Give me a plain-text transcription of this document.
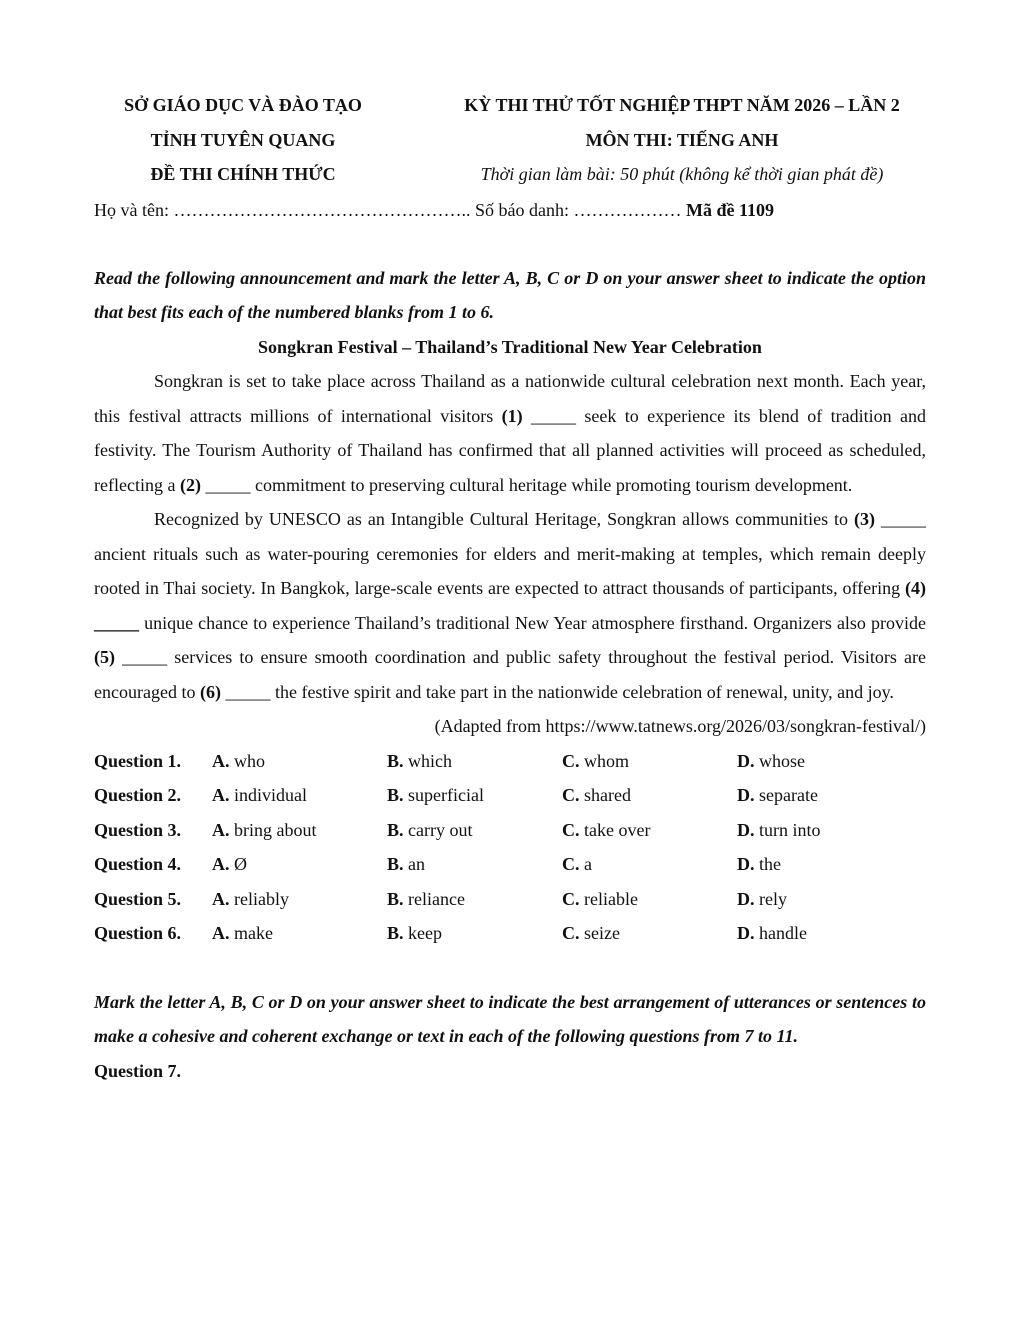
SỞ GIÁO DỤC VÀ ĐÀO TẠO
TỈNH TUYÊN QUANG
ĐỀ THI CHÍNH THỨC
KỲ THI THỬ TỐT NGHIỆP THPT NĂM 2026 – LẦN 2
MÔN THI: TIẾNG ANH
Thời gian làm bài: 50 phút (không kể thời gian phát đề)
Họ và tên: ………………………………………….. Số báo danh: ……………… Mã đề 1109
Read the following announcement and mark the letter A, B, C or D on your answer sheet to indicate the option that best fits each of the numbered blanks from 1 to 6.
Songkran Festival – Thailand’s Traditional New Year Celebration

Songkran is set to take place across Thailand as a nationwide cultural celebration next month. Each year, this festival attracts millions of international visitors (1) _____ seek to experience its blend of tradition and festivity. The Tourism Authority of Thailand has confirmed that all planned activities will proceed as scheduled, reflecting a (2) _____ commitment to preserving cultural heritage while promoting tourism development.

Recognized by UNESCO as an Intangible Cultural Heritage, Songkran allows communities to (3) _____ ancient rituals such as water-pouring ceremonies for elders and merit-making at temples, which remain deeply rooted in Thai society. In Bangkok, large-scale events are expected to attract thousands of participants, offering (4) _____ unique chance to experience Thailand’s traditional New Year atmosphere firsthand. Organizers also provide (5) _____ services to ensure smooth coordination and public safety throughout the festival period. Visitors are encouraged to (6) _____ the festive spirit and take part in the nationwide celebration of renewal, unity, and joy.

(Adapted from https://www.tatnews.org/2026/03/songkran-festival/)
Question 1.	A. who	B. which	C. whom	D. whose
Question 2.	A. individual	B. superficial	C. shared	D. separate
Question 3.	A. bring about	B. carry out	C. take over	D. turn into
Question 4.	A. Ø	B. an	C. a	D. the
Question 5.	A. reliably	B. reliance	C. reliable	D. rely
Question 6.	A. make	B. keep	C. seize	D. handle
Mark the letter A, B, C or D on your answer sheet to indicate the best arrangement of utterances or sentences to make a cohesive and coherent exchange or text in each of the following questions from 7 to 11.
Question 7.
